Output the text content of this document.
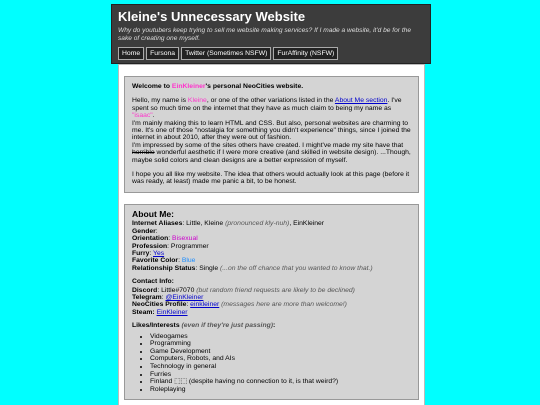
Kleine's Unnecessary Website
Why do youtubers keep trying to sell me website making services? If I made a website, it'd be for the sake of creating one myself.
Home	Fursona	Twitter (Sometimes NSFW)	FurAffinity (NSFW)

Welcome to EinKleiner's personal NeoCities website.

Hello, my name is Kleine, or one of the other variations listed in the About Me section. I've spent so much time on the internet that they have as much claim to being my name as "isaac".
I'm mainly making this to learn HTML and CSS. But also, personal websites are charming to me. It's one of those "nostalgia for something you didn't experience" things, since I joined the internet in about 2010, after they were out of fashion.
I'm impressed by some of the sites others have created. I might've made my site have that horrible wonderful aesthetic if I were more creative (and skilled in website design). ...Though, maybe solid colors and clean designs are a better expression of myself.

I hope you all like my website. The idea that others would actually look at this page (before it was ready, at least) made me panic a bit, to be honest.

About Me:
Internet Aliases: Little, Kleine (pronounced kly-nuh), EinKleiner
Gender:
Orientation: Bisexual
Profession: Programmer
Furry: Yes
Favorite Color: Blue
Relationship Status: Single (...on the off chance that you wanted to know that.)
Contact Info:
Discord: Little#7070 (but random friend requests are likely to be declined)
Telegram: @EinKleiner
NeoCities Profile: einkleiner (messages here are more than welcome!)
Steam: EinKleiner
Likes/Interests (even if they're just passing):
• Videogames
• Programming
• Game Development
• Computers, Robots, and AIs
• Technology in general
• Furries
• Finland ⬚⬚ (despite having no connection to it, is that weird?)
• Roleplaying
